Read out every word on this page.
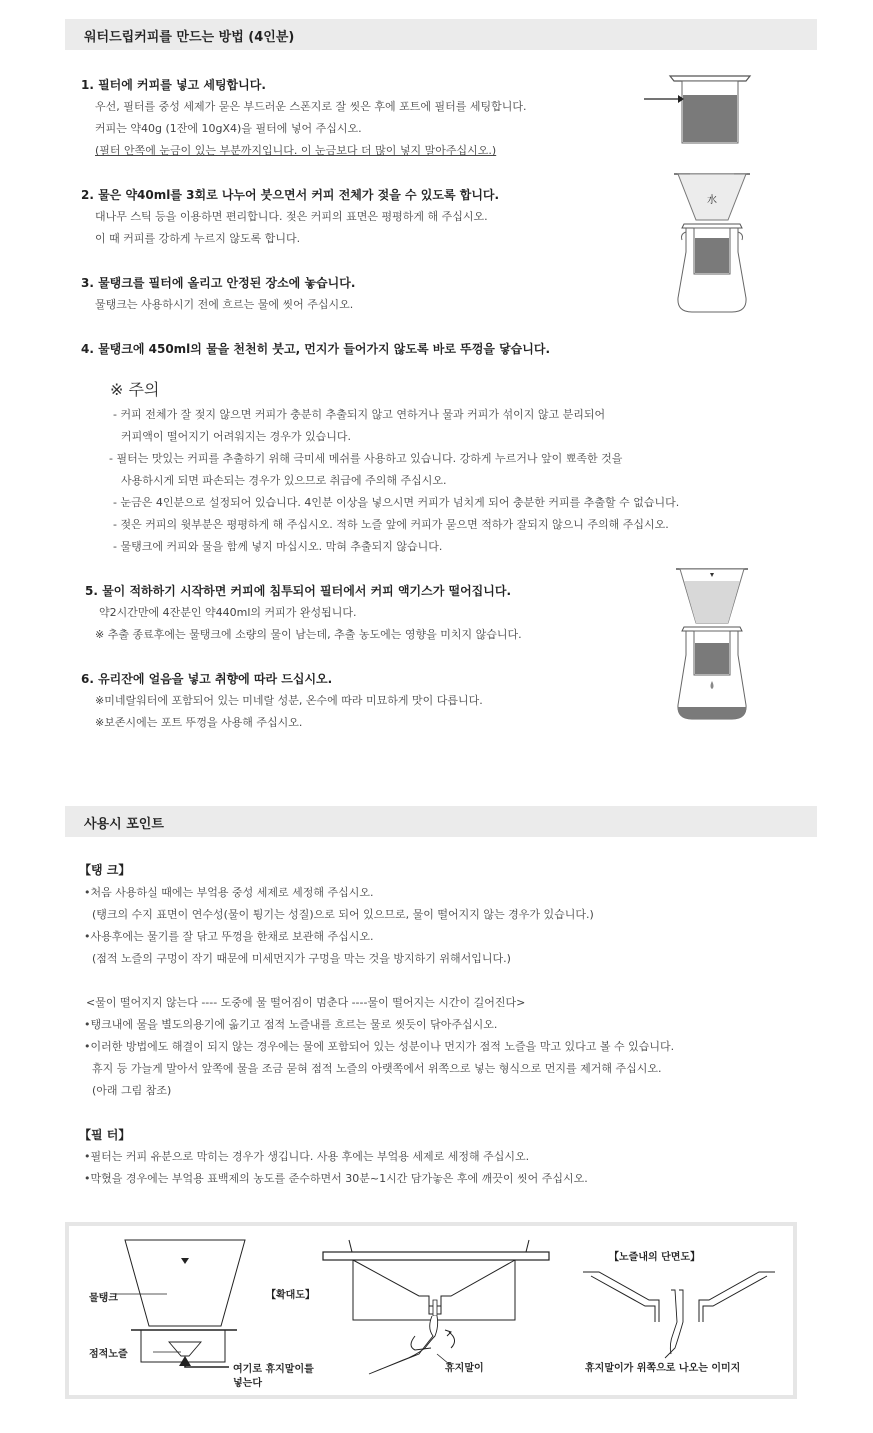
워터드립커피를 만드는 방법 (4인분)
1. 필터에 커피를 넣고 세팅합니다.
우선, 필터를 중성 세제가 묻은 부드러운 스폰지로 잘 씻은 후에 포트에 필터를 세팅합니다.
커피는 약40g (1잔에 10gX4)을 필터에 넣어 주십시오.
(필터 안쪽에 눈금이 있는 부분까지입니다. 이 눈금보다 더 많이 넣지 말아주십시오.)
2. 물은 약40ml를 3회로 나누어 붓으면서 커피 전체가 젖을 수 있도록 합니다.
대나무 스틱 등을 이용하면 편리합니다. 젖은 커피의 표면은 평평하게 해 주십시오.
이 때 커피를 강하게 누르지 않도록 합니다.
3. 물탱크를 필터에 올리고 안정된 장소에 놓습니다.
물탱크는 사용하시기 전에 흐르는 물에 씻어 주십시오.
4. 물탱크에 450ml의 물을 천천히 붓고, 먼지가 들어가지 않도록 바로 뚜껑을 닿습니다.
※ 주의
- 커피 전체가 잘 젖지 않으면 커피가 충분히 추출되지 않고 연하거나 물과 커피가 섞이지 않고 분리되어
커피액이 떨어지기 어려워지는 경우가 있습니다.
- 필터는 맛있는 커피를 추출하기 위해 극미세 메쉬를 사용하고 있습니다. 강하게 누르거나 앞이 뾰족한 것을
사용하시게 되면 파손되는 경우가 있으므로 취급에 주의해 주십시오.
- 눈금은 4인분으로 설정되어 있습니다. 4인분 이상을 넣으시면 커피가 넘치게 되어 충분한 커피를 추출할 수 없습니다.
- 젖은 커피의 윗부분은 평평하게 해 주십시오. 적하 노즐 앞에 커피가 묻으면 적하가 잘되지 않으니 주의해 주십시오.
- 물탱크에 커피와 물을 함께 넣지 마십시오. 막혀 추출되지 않습니다.
5. 물이 적하하기 시작하면 커피에 침투되어 필터에서 커피 액기스가 떨어집니다.
약2시간만에 4잔분인 약440ml의 커피가 완성됩니다.
※ 추출 종료후에는 물탱크에 소량의 물이 남는데, 추출 농도에는 영향을 미치지 않습니다.
6. 유리잔에 얼음을 넣고 취향에 따라 드십시오.
※미네랄워터에 포함되어 있는 미네랄 성분, 온수에 따라 미묘하게 맛이 다릅니다.
※보존시에는 포트 뚜껑을 사용해 주십시오.
水
사용시 포인트
【탱 크】
•처음 사용하실 때에는 부엌용 중성 세제로 세정해 주십시오.
(탱크의 수지 표면이 연수성(물이 튕기는 성질)으로 되어 있으므로, 물이 떨어지지 않는 경우가 있습니다.)
•사용후에는 물기를 잘 닦고 뚜껑을 한채로 보관해 주십시오.
(점적 노즐의 구멍이 작기 때문에 미세먼지가 구멍을 막는 것을 방지하기 위해서입니다.)
<물이 떨어지지 않는다 ---- 도중에 물 떨어짐이 멈춘다 ----물이 떨어지는 시간이 길어진다>
•탱크내에 물을 별도의용기에 옮기고 점적 노즐내를 흐르는 물로 씻듯이 닦아주십시오.
•이러한 방법에도 해결이 되지 않는 경우에는 물에 포함되어 있는 성분이나 먼지가 점적 노즐을 막고 있다고 볼 수 있습니다.
휴지 등 가늘게 말아서 앞쪽에 물을 조금 묻혀 점적 노즐의 아랫쪽에서 위쪽으로 넣는 형식으로 먼지를 제거해 주십시오.
(아래 그림 참조)
【필 터】
•필터는 커피 유분으로 막히는 경우가 생깁니다. 사용 후에는 부엌용 세제로 세정해 주십시오.
•막혔을 경우에는 부엌용 표백제의 농도를 준수하면서 30분~1시간 담가놓은 후에 깨끗이 씻어 주십시오.
물탱크
점적노즐
여기로 휴지말이를
넣는다
【확대도】
휴지말이
【노즐내의 단면도】
휴지말이가 위쪽으로 나오는 이미지
